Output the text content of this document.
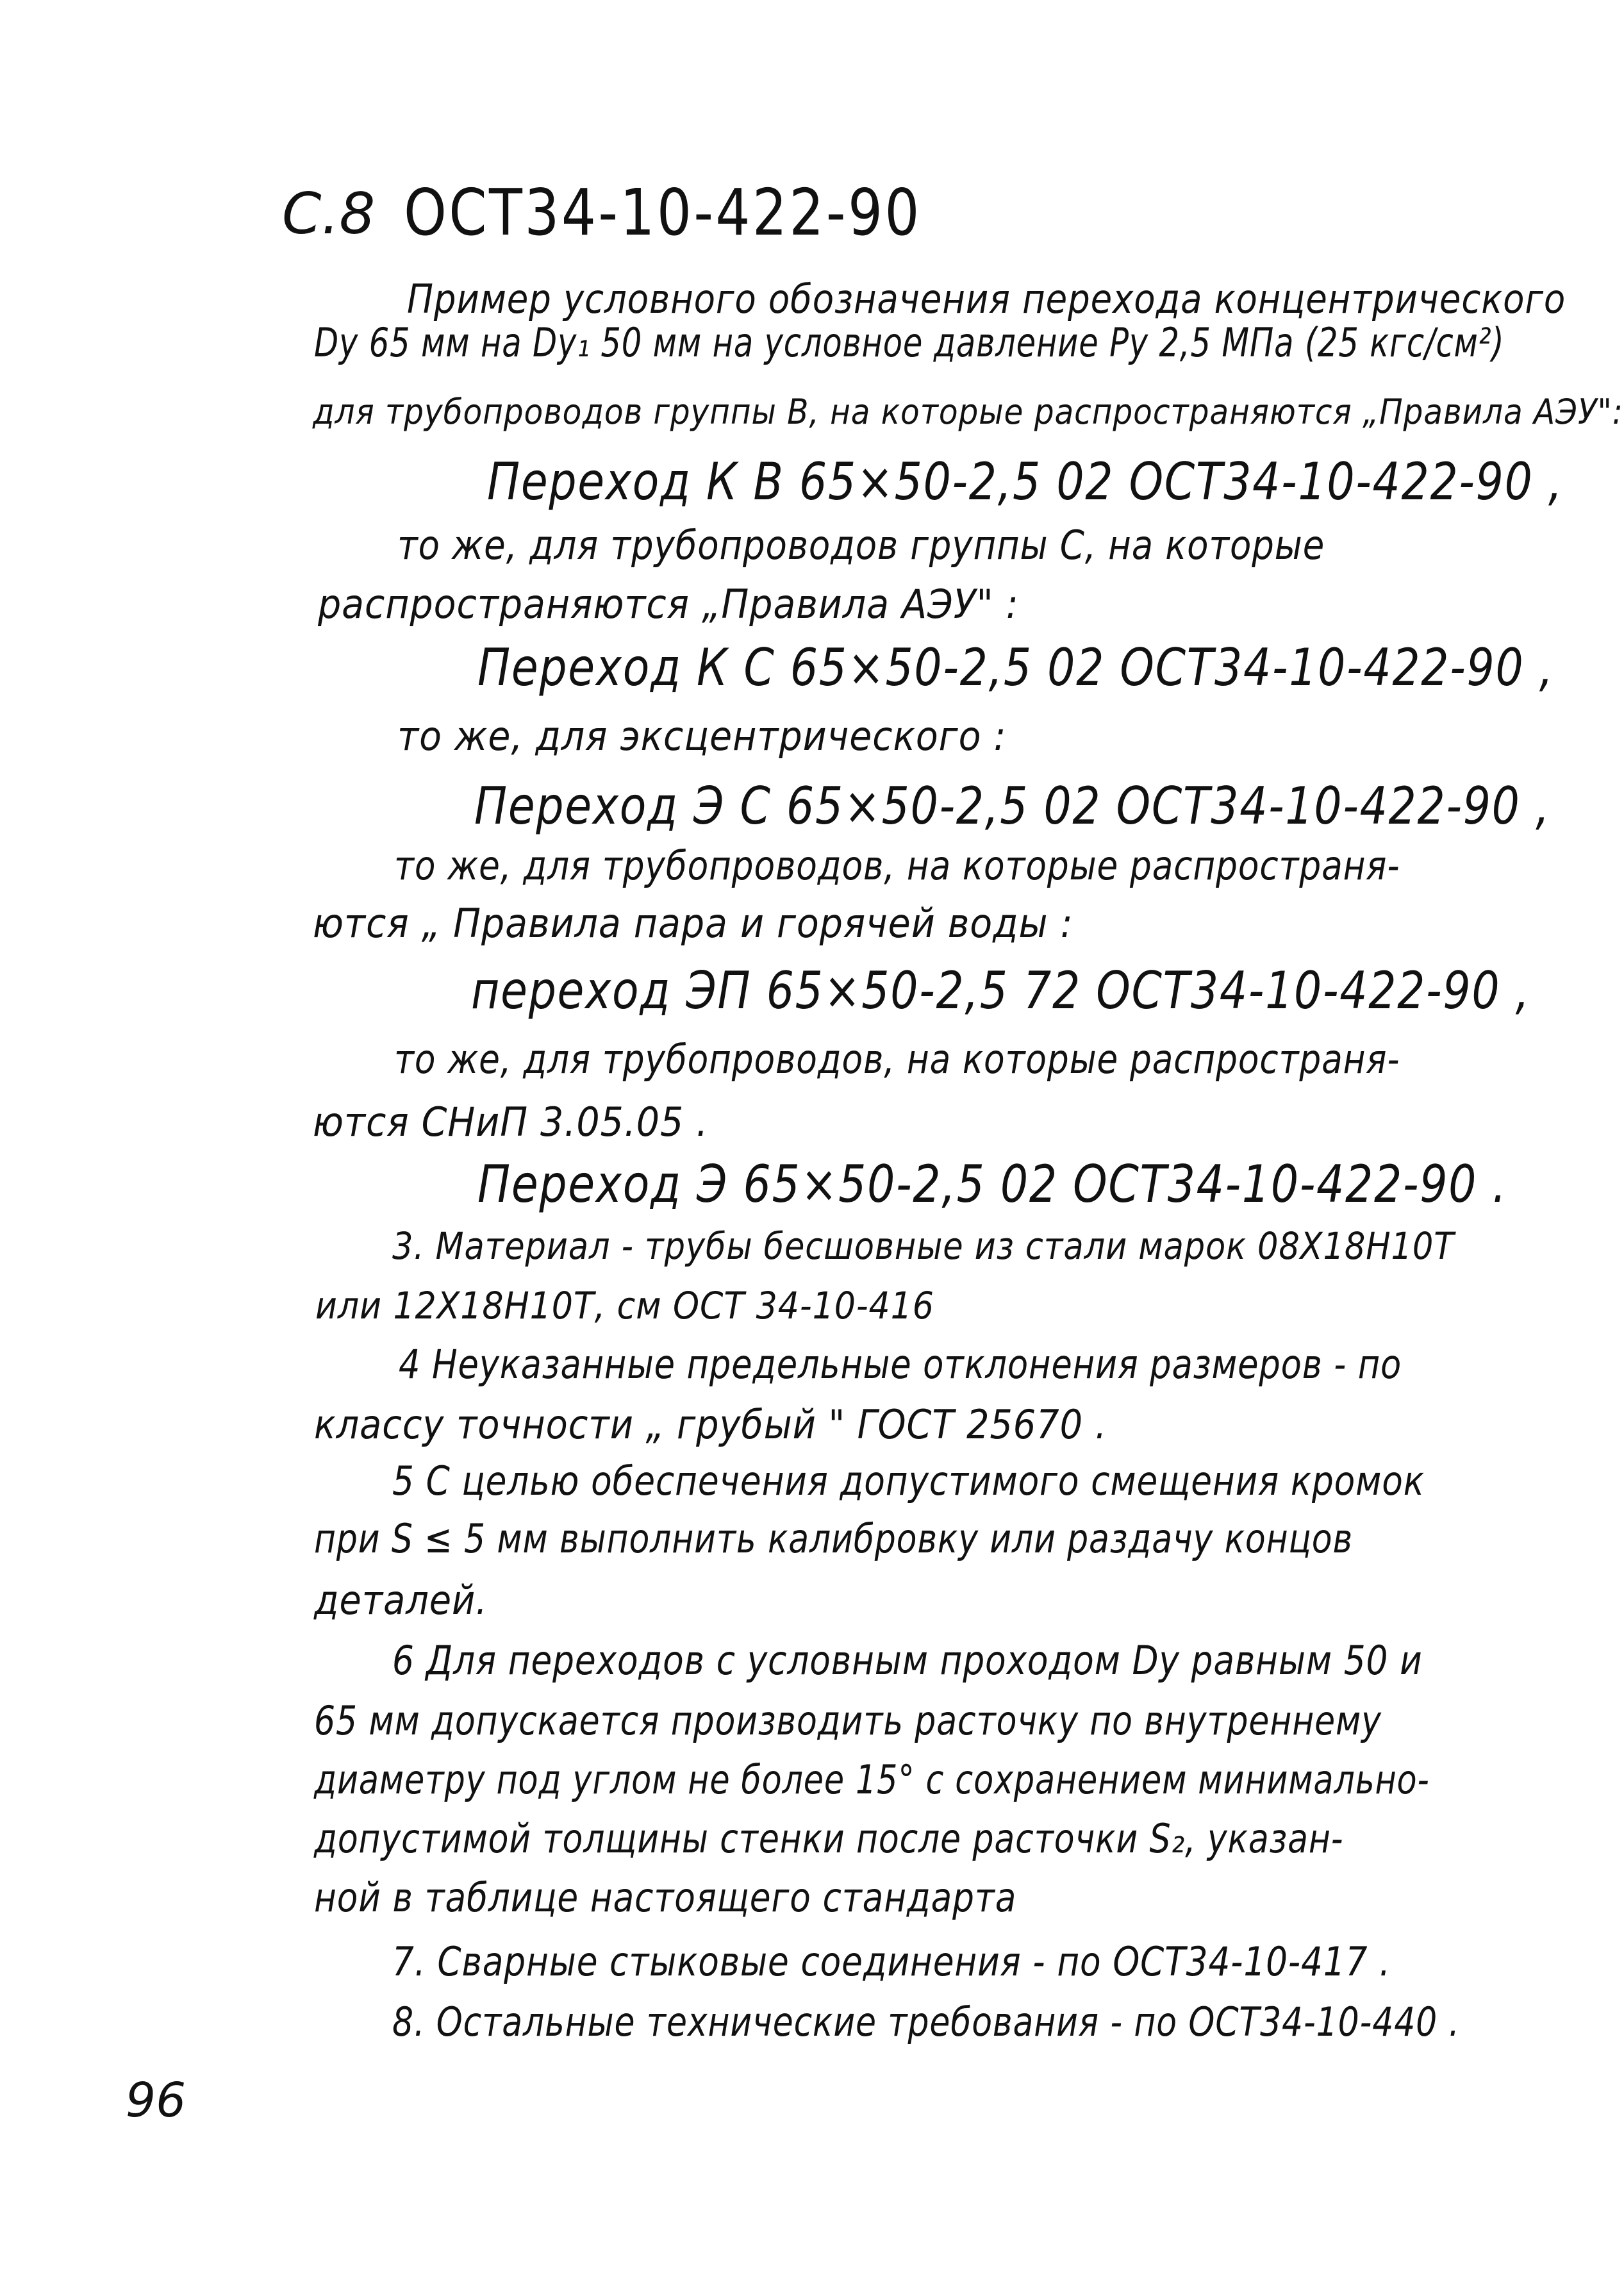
С.8 ОСТ34-10-422-90
Пример условного обозначения перехода концентрического
Dy 65 мм на Dy₁ 50 мм на условное давление Py 2,5 МПа (25 кгс/см²)
для трубопроводов группы В, на которые распространяются „Правила АЭУ":
Переход К В 65×50-2,5 02 ОСТ34-10-422-90 ,
то же, для трубопроводов группы С, на которые
распространяются „Правила АЭУ" :
Переход К С 65×50-2,5 02 ОСТ34-10-422-90 ,
то же, для эксцентрического :
Переход Э С 65×50-2,5 02 ОСТ34-10-422-90 ,
то же, для трубопроводов, на которые распространя-
ются „ Правила пара и горячей воды :
переход ЭП 65×50-2,5 72 ОСТ34-10-422-90 ,
то же, для трубопроводов, на которые распространя-
ются СНиП 3.05.05 .
Переход Э 65×50-2,5 02 ОСТ34-10-422-90 .
3. Материал - трубы бесшовные из стали марок 08Х18Н10Т
или 12Х18Н10Т, см ОСТ 34-10-416
4 Неуказанные предельные отклонения размеров - по
классу точности „ грубый " ГОСТ 25670 .
5 С целью обеспечения допустимого смещения кромок
при S ≤ 5 мм выполнить калибровку или раздачу концов
деталей.
6 Для переходов с условным проходом Dy равным 50 и
65 мм допускается производить расточку по внутреннему
диаметру под углом не более 15° с сохранением минимально-
допустимой толщины стенки после расточки S₂, указан-
ной в таблице настоящего стандарта
7. Сварные стыковые соединения - по ОСТ34-10-417 .
8. Остальные технические требования - по ОСТ34-10-440 .
96
